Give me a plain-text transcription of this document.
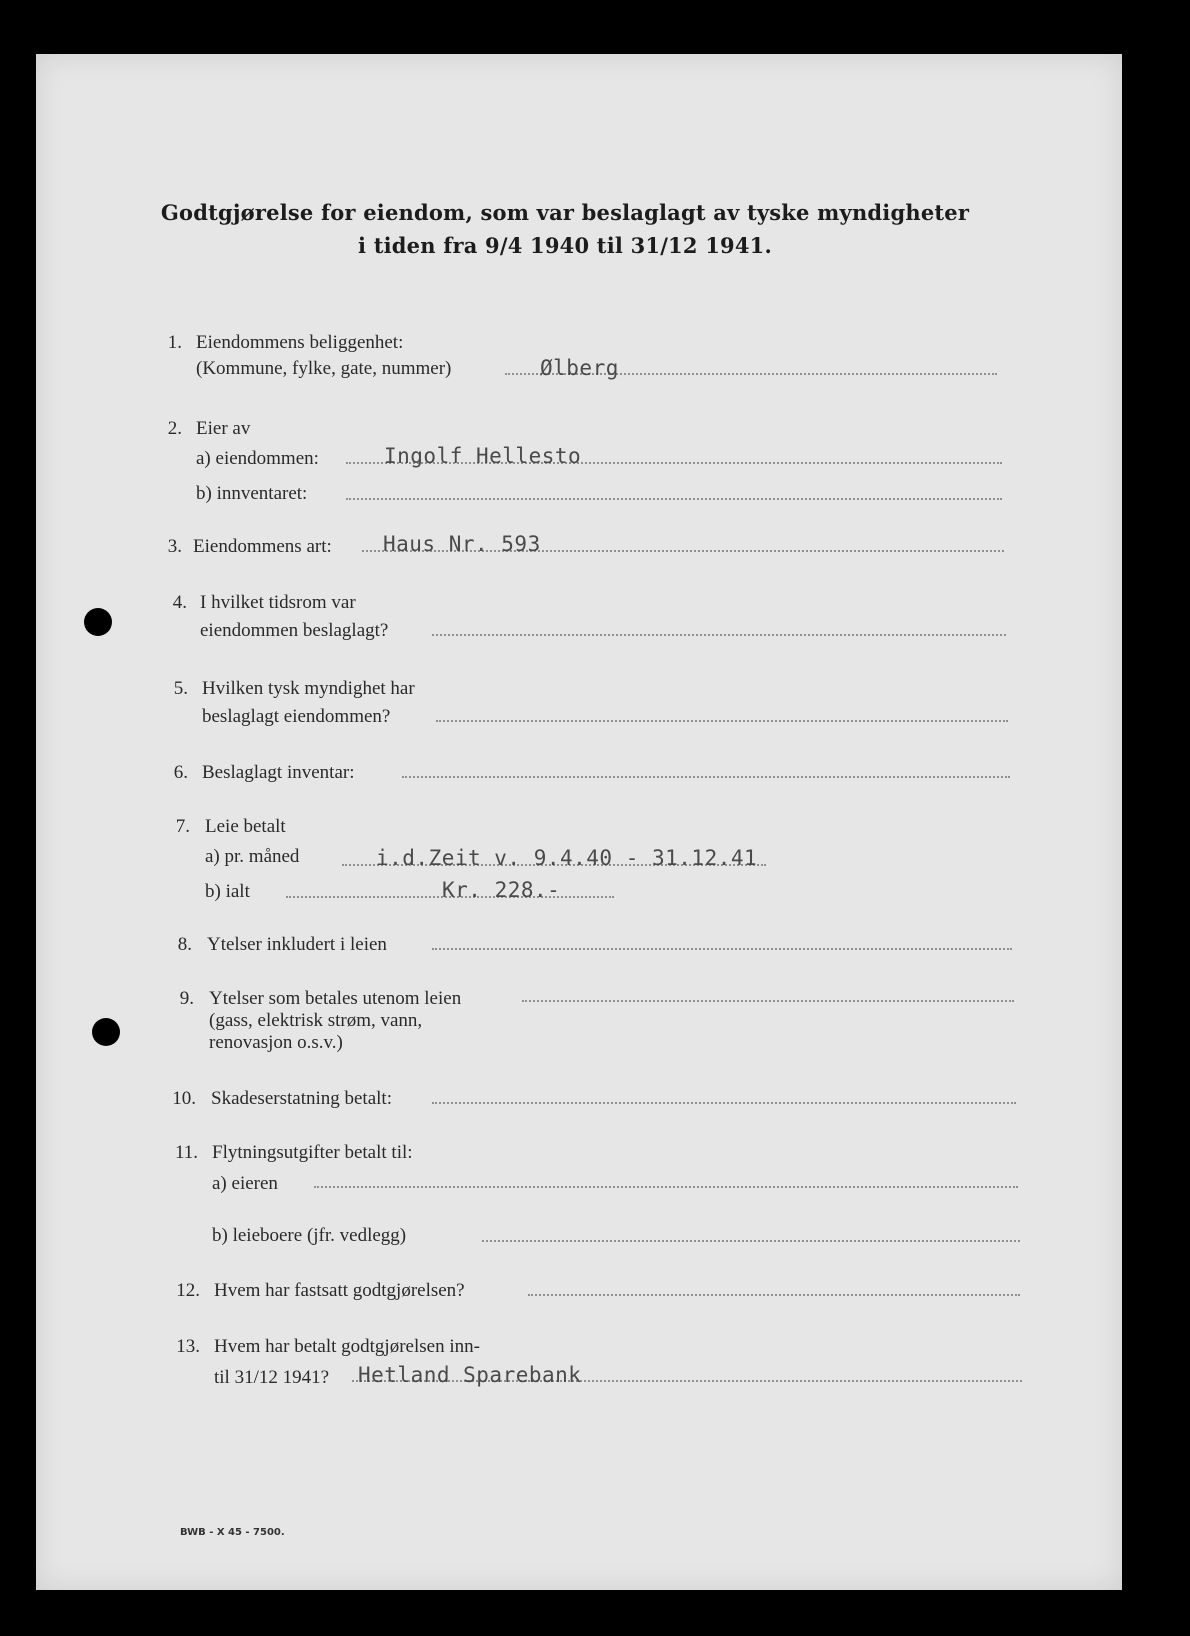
Godtgjørelse for eiendom, som var beslaglagt av tyske myndigheter
i tiden fra 9/4 1940 til 31/12 1941.
1. Eiendommens beliggenhet:
(Kommune, fylke, gate, nummer)	Ølberg
2. Eier av
a) eiendommen:	Ingolf Hellesto
b) innventaret:
3. Eiendommens art: Haus Nr. 593
4. I hvilket tidsrom var
eiendommen beslaglagt?
5. Hvilken tysk myndighet har
beslaglagt eiendommen?
6. Beslaglagt inventar:
7. Leie betalt
a) pr. måned	i.d.Zeit v. 9.4.40 - 31.12.41
b) ialt	Kr. 228.-
8. Ytelser inkludert i leien
9. Ytelser som betales utenom leien
(gass, elektrisk strøm, vann,
renovasjon o.s.v.)
10. Skadeserstatning betalt:
11. Flytningsutgifter betalt til:
a) eieren
b) leieboere (jfr. vedlegg)
12. Hvem har fastsatt godtgjørelsen?
13. Hvem har betalt godtgjørelsen inn-
til 31/12 1941? Hetland Sparebank
BWB - X 45 - 7500.
